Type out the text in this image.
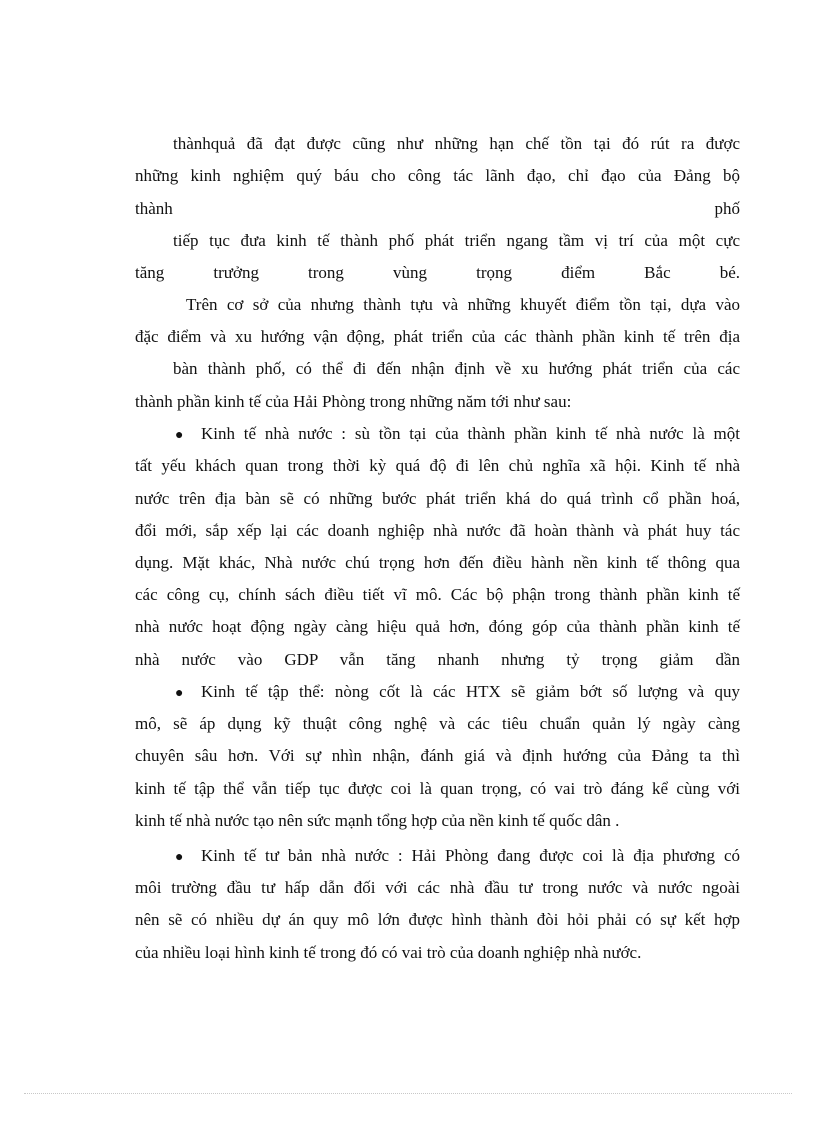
thànhquả đã đạt được cũng như những hạn chế tồn tại đó rút ra được
những kinh nghiệm quý báu cho công tác lãnh đạo, chỉ đạo của Đảng bộ
thành phố
tiếp tục đưa kinh tế thành phố phát triển ngang tầm vị trí của một cực
tăng trưởng trong vùng trọng điểm Bắc bé.
Trên cơ sở của nhưng thành tựu và những khuyết điểm tồn tại, dựa vào
đặc điểm và xu hướng vận động, phát triển của các thành phần kinh tế trên địa
bàn thành phố, có thể đi đến nhận định về xu hướng phát triển của các
thành phần kinh tế của Hải Phòng trong những năm tới như sau:
● Kinh tế nhà nước : sù tồn tại của thành phần kinh tế nhà nước là một
tất yếu khách quan trong thời kỳ quá độ đi lên chủ nghĩa xã hội. Kinh tế nhà
nước trên địa bàn sẽ có những bước phát triển khá do quá trình cổ phần hoá,
đổi mới, sắp xếp lại các doanh nghiệp nhà nước đã hoàn thành và phát huy tác
dụng. Mặt khác, Nhà nước chú trọng hơn đến điều hành nền kinh tế thông qua
các công cụ, chính sách điều tiết vĩ mô. Các bộ phận trong thành phần kinh tế
nhà nước hoạt động ngày càng hiệu quả hơn, đóng góp của thành phần kinh tế
nhà nước vào GDP vẫn tăng nhanh nhưng tỷ trọng giảm dần
● Kinh tế tập thể: nòng cốt là các HTX sẽ giảm bớt số lượng và quy
mô, sẽ áp dụng kỹ thuật công nghệ và các tiêu chuẩn quản lý ngày càng
chuyên sâu hơn. Với sự nhìn nhận, đánh giá và định hướng của Đảng ta thì
kinh tế tập thể vẫn tiếp tục được coi là quan trọng, có vai trò đáng kể cùng với
kinh tế nhà nước tạo nên sức mạnh tổng hợp của nền kinh tế quốc dân .
● Kinh tế tư bản nhà nước : Hải Phòng đang được coi là địa phương có
môi trường đầu tư hấp dẫn đối với các nhà đầu tư trong nước và nước ngoài
nên sẽ có nhiều dự án quy mô lớn được hình thành đòi hỏi phải có sự kết hợp
của nhiều loại hình kinh tế trong đó có vai trò của doanh nghiệp nhà nước.
